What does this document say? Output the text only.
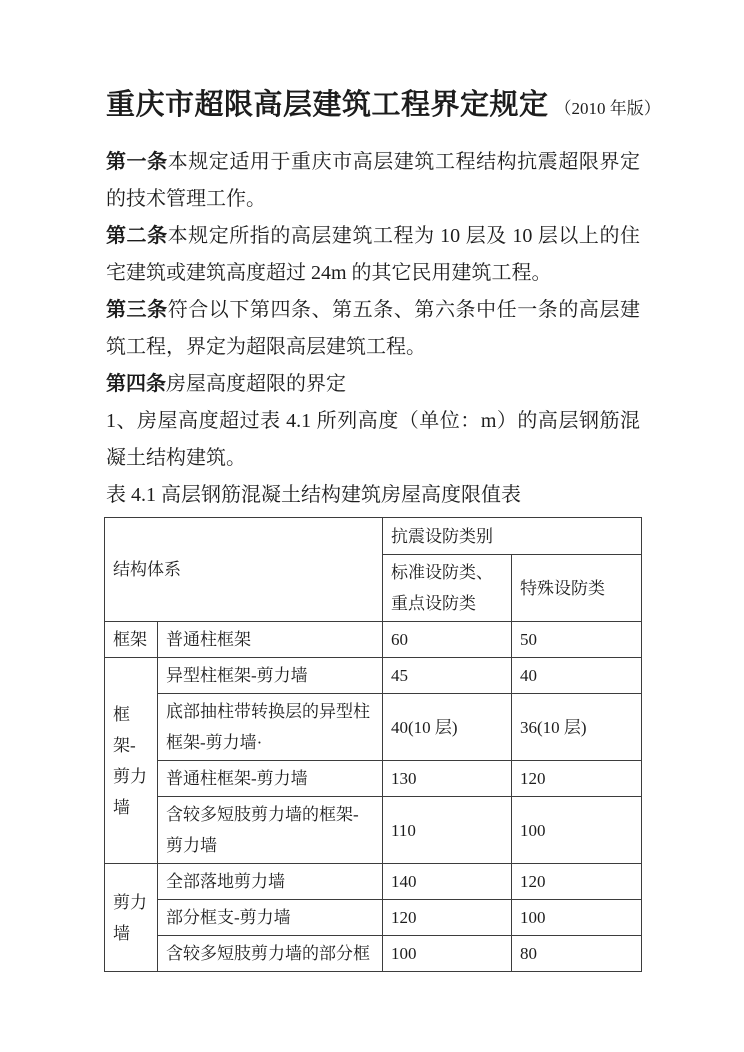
重庆市超限高层建筑工程界定规定 （2010 年版）

第一条本规定适用于重庆市高层建筑工程结构抗震超限界定的技术管理工作。

第二条本规定所指的高层建筑工程为 10 层及 10 层以上的住宅建筑或建筑高度超过 24m 的其它民用建筑工程。

第三条符合以下第四条、第五条、第六条中任一条的高层建筑工程，界定为超限高层建筑工程。

第四条房屋高度超限的界定

1、房屋高度超过表 4.1 所列高度（单位：m）的高层钢筋混凝土结构建筑。

表 4.1 高层钢筋混凝土结构建筑房屋高度限值表

结构体系		抗震设防类别	
		标准设防类、重点设防类	特殊设防类
框架	普通柱框架	60	50
框架-剪力墙	异型柱框架-剪力墙	45	40
	底部抽柱带转换层的异型柱框架-剪力墙·	40(10 层)	36(10 层)
	普通柱框架-剪力墙	130	120
	含较多短肢剪力墙的框架-剪力墙	110	100
剪力墙	全部落地剪力墙	140	120
	部分框支-剪力墙	120	100
	含较多短肢剪力墙的部分框	100	80
